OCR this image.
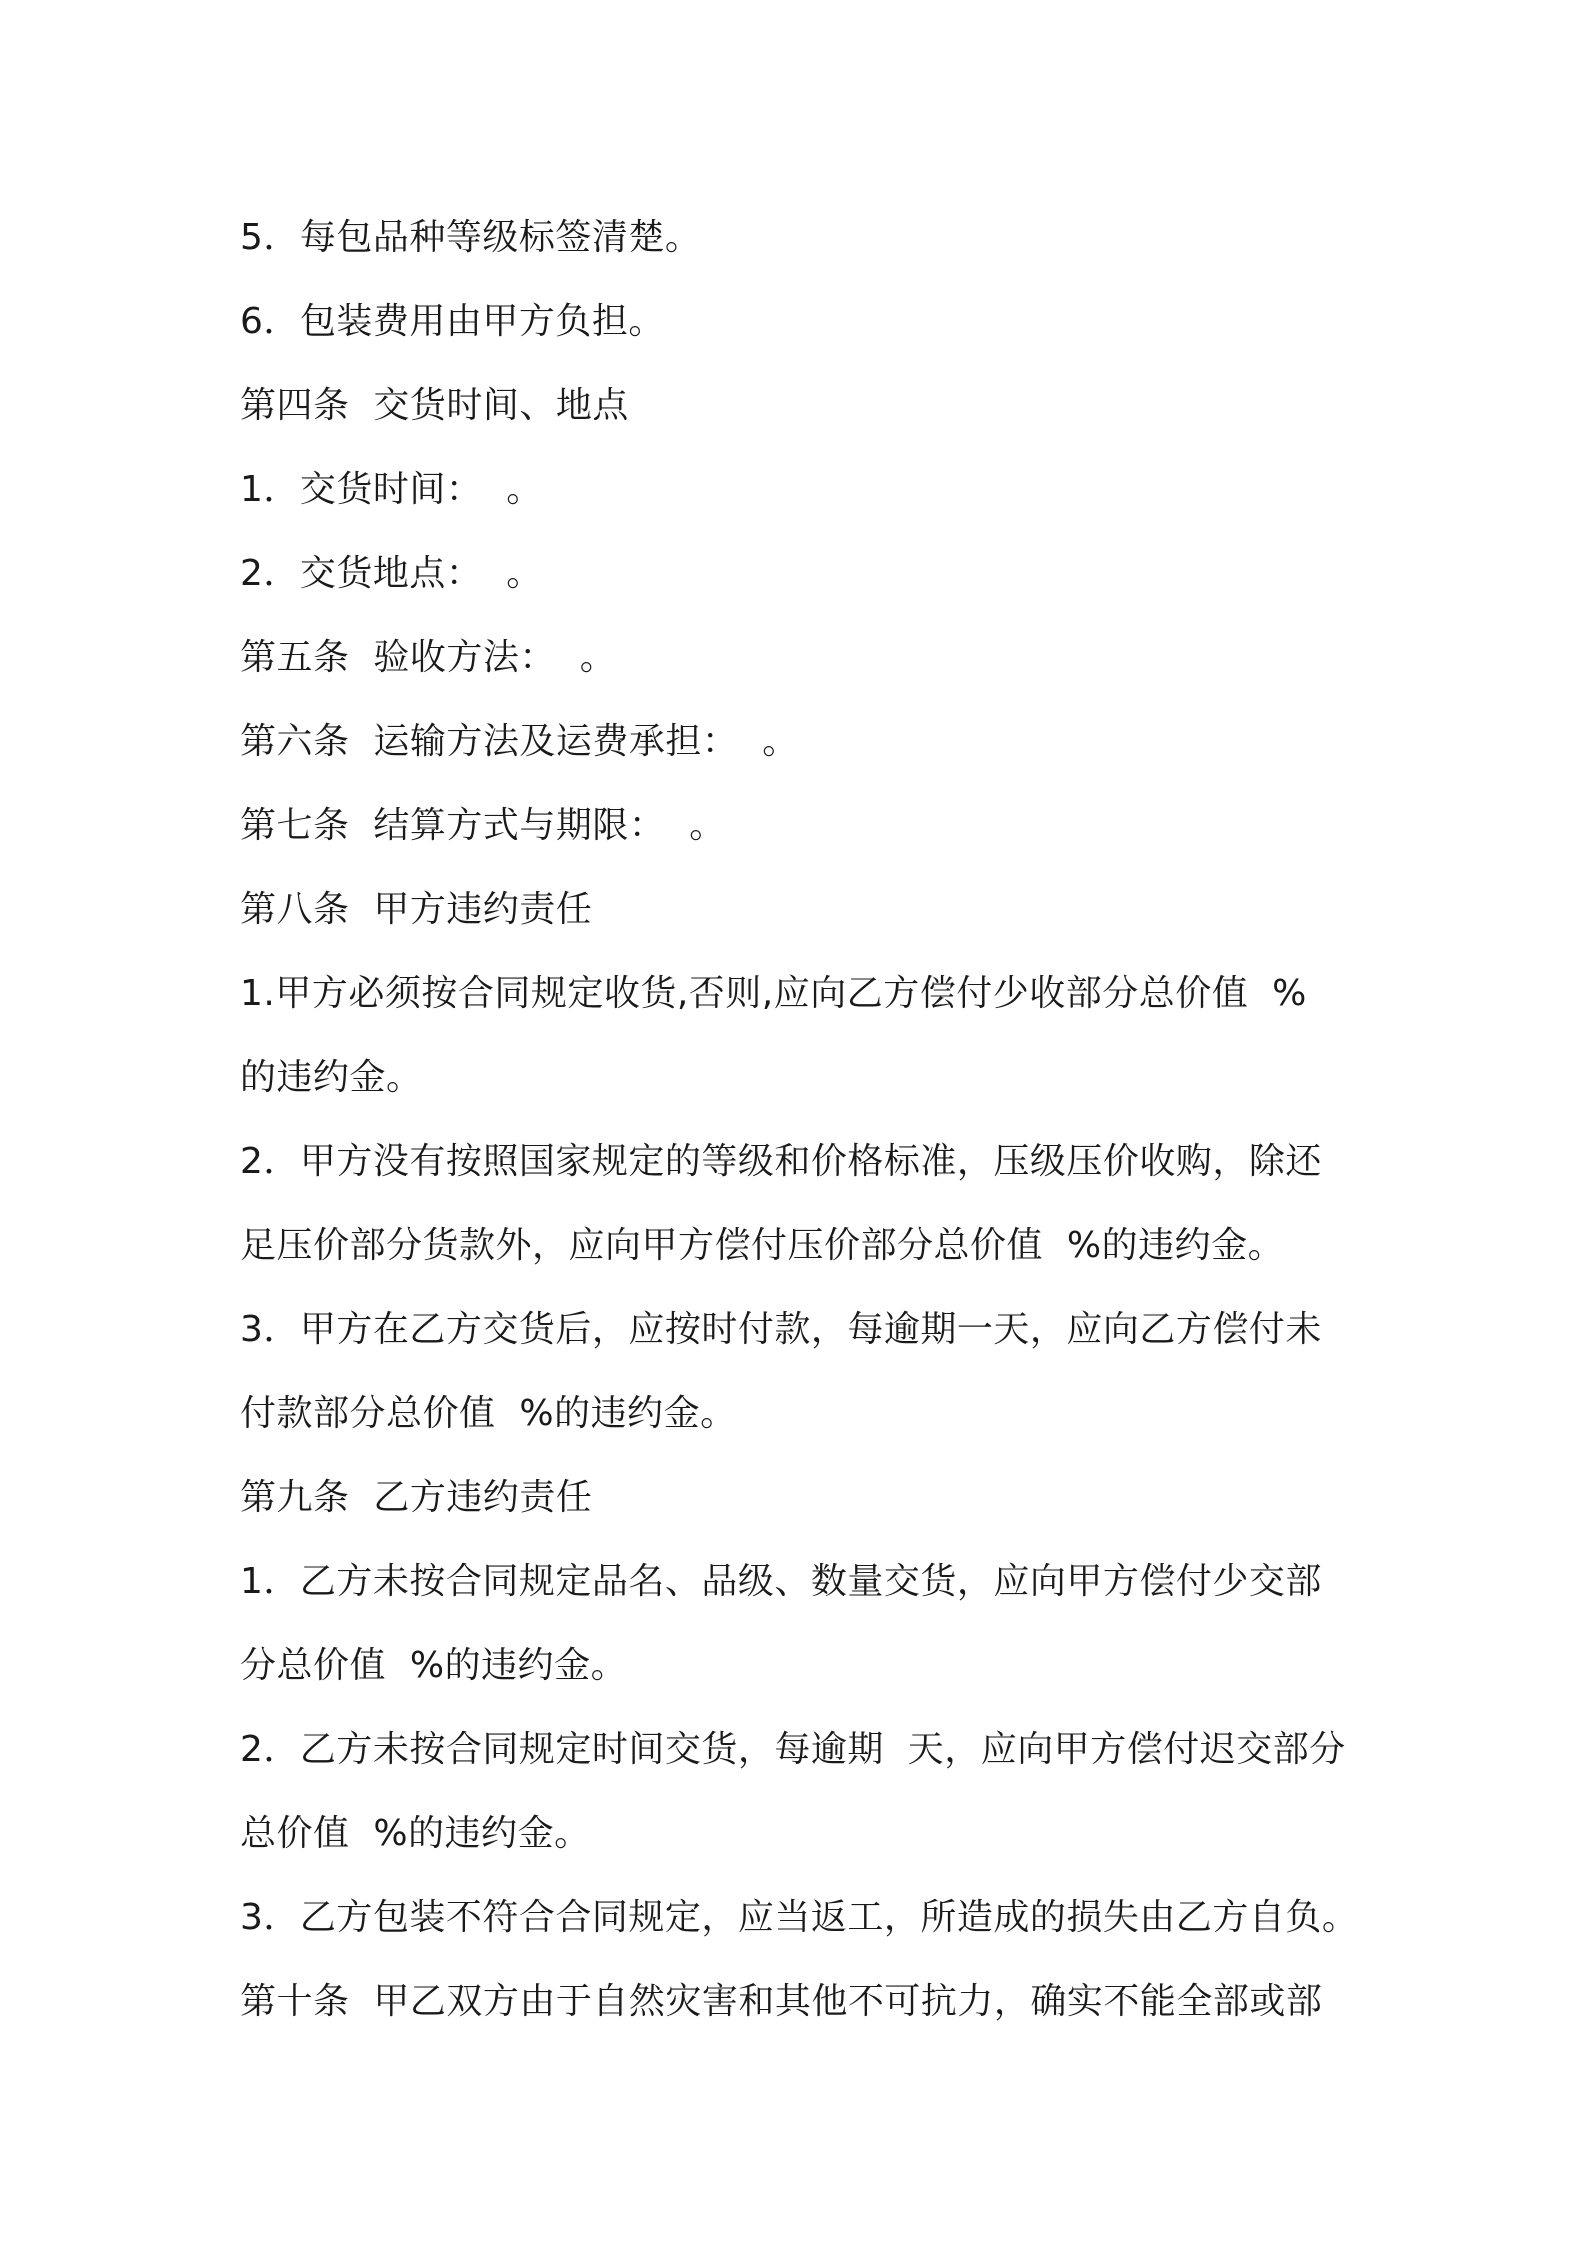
5．每包品种等级标签清楚。
6．包装费用由甲方负担。
第四条  交货时间、地点
1．交货时间：  。
2．交货地点：  。
第五条  验收方法：  。
第六条  运输方法及运费承担：  。
第七条  结算方式与期限：  。
第八条  甲方违约责任
1.甲方必须按合同规定收货,否则,应向乙方偿付少收部分总价值  %
的违约金。
2．甲方没有按照国家规定的等级和价格标准，压级压价收购，除还
足压价部分货款外，应向甲方偿付压价部分总价值  %的违约金。
3．甲方在乙方交货后，应按时付款，每逾期一天，应向乙方偿付未
付款部分总价值  %的违约金。
第九条  乙方违约责任
1．乙方未按合同规定品名、品级、数量交货，应向甲方偿付少交部
分总价值  %的违约金。
2．乙方未按合同规定时间交货，每逾期  天，应向甲方偿付迟交部分
总价值  %的违约金。
3．乙方包装不符合合同规定，应当返工，所造成的损失由乙方自负。
第十条  甲乙双方由于自然灾害和其他不可抗力，确实不能全部或部
